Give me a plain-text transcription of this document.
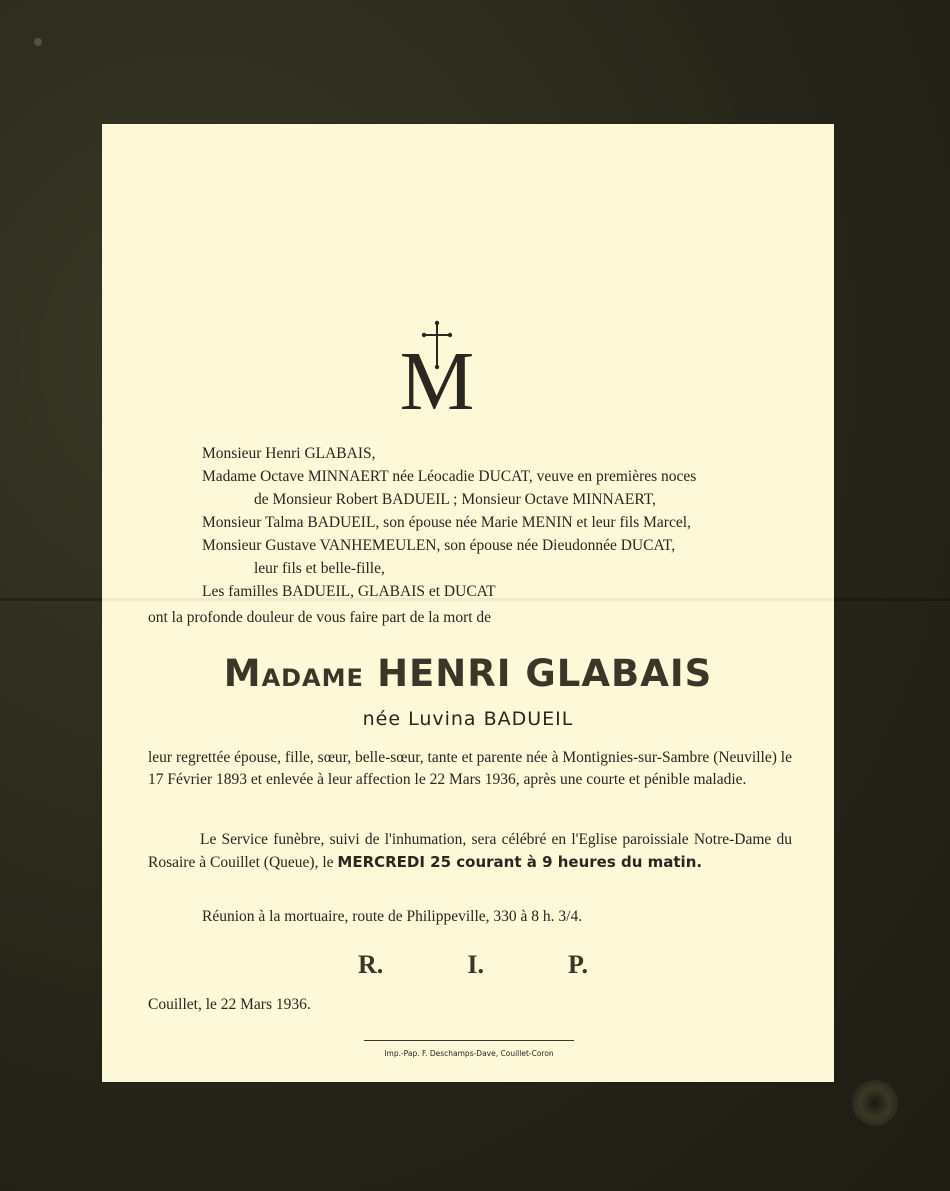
M
Monsieur Henri GLABAIS,
Madame Octave MINNAERT née Léocadie DUCAT, veuve en premières noces
de Monsieur Robert BADUEIL ; Monsieur Octave MINNAERT,
Monsieur Talma BADUEIL, son épouse née Marie MENIN et leur fils Marcel,
Monsieur Gustave VANHEMEULEN, son épouse née Dieudonnée DUCAT,
leur fils et belle-fille,
Les familles BADUEIL, GLABAIS et DUCAT
ont la profonde douleur de vous faire part de la mort de
MADAME HENRI GLABAIS
née Luvina BADUEIL
leur regrettée épouse, fille, sœur, belle-sœur, tante et parente née à Montignies-sur-Sambre (Neuville) le 17 Février 1893 et enlevée à leur affection le 22 Mars 1936, après une courte et pénible maladie.
Le Service funèbre, suivi de l'inhumation, sera célébré en l'Eglise paroissiale Notre-Dame du Rosaire à Couillet (Queue), le MERCREDI 25 courant à 9 heures du matin.
Réunion à la mortuaire, route de Philippeville, 330 à 8 h. 3/4.
R.	I.	P.
Couillet, le 22 Mars 1936.
Imp.-Pap. F. Deschamps-Dave, Couillet-Coron
